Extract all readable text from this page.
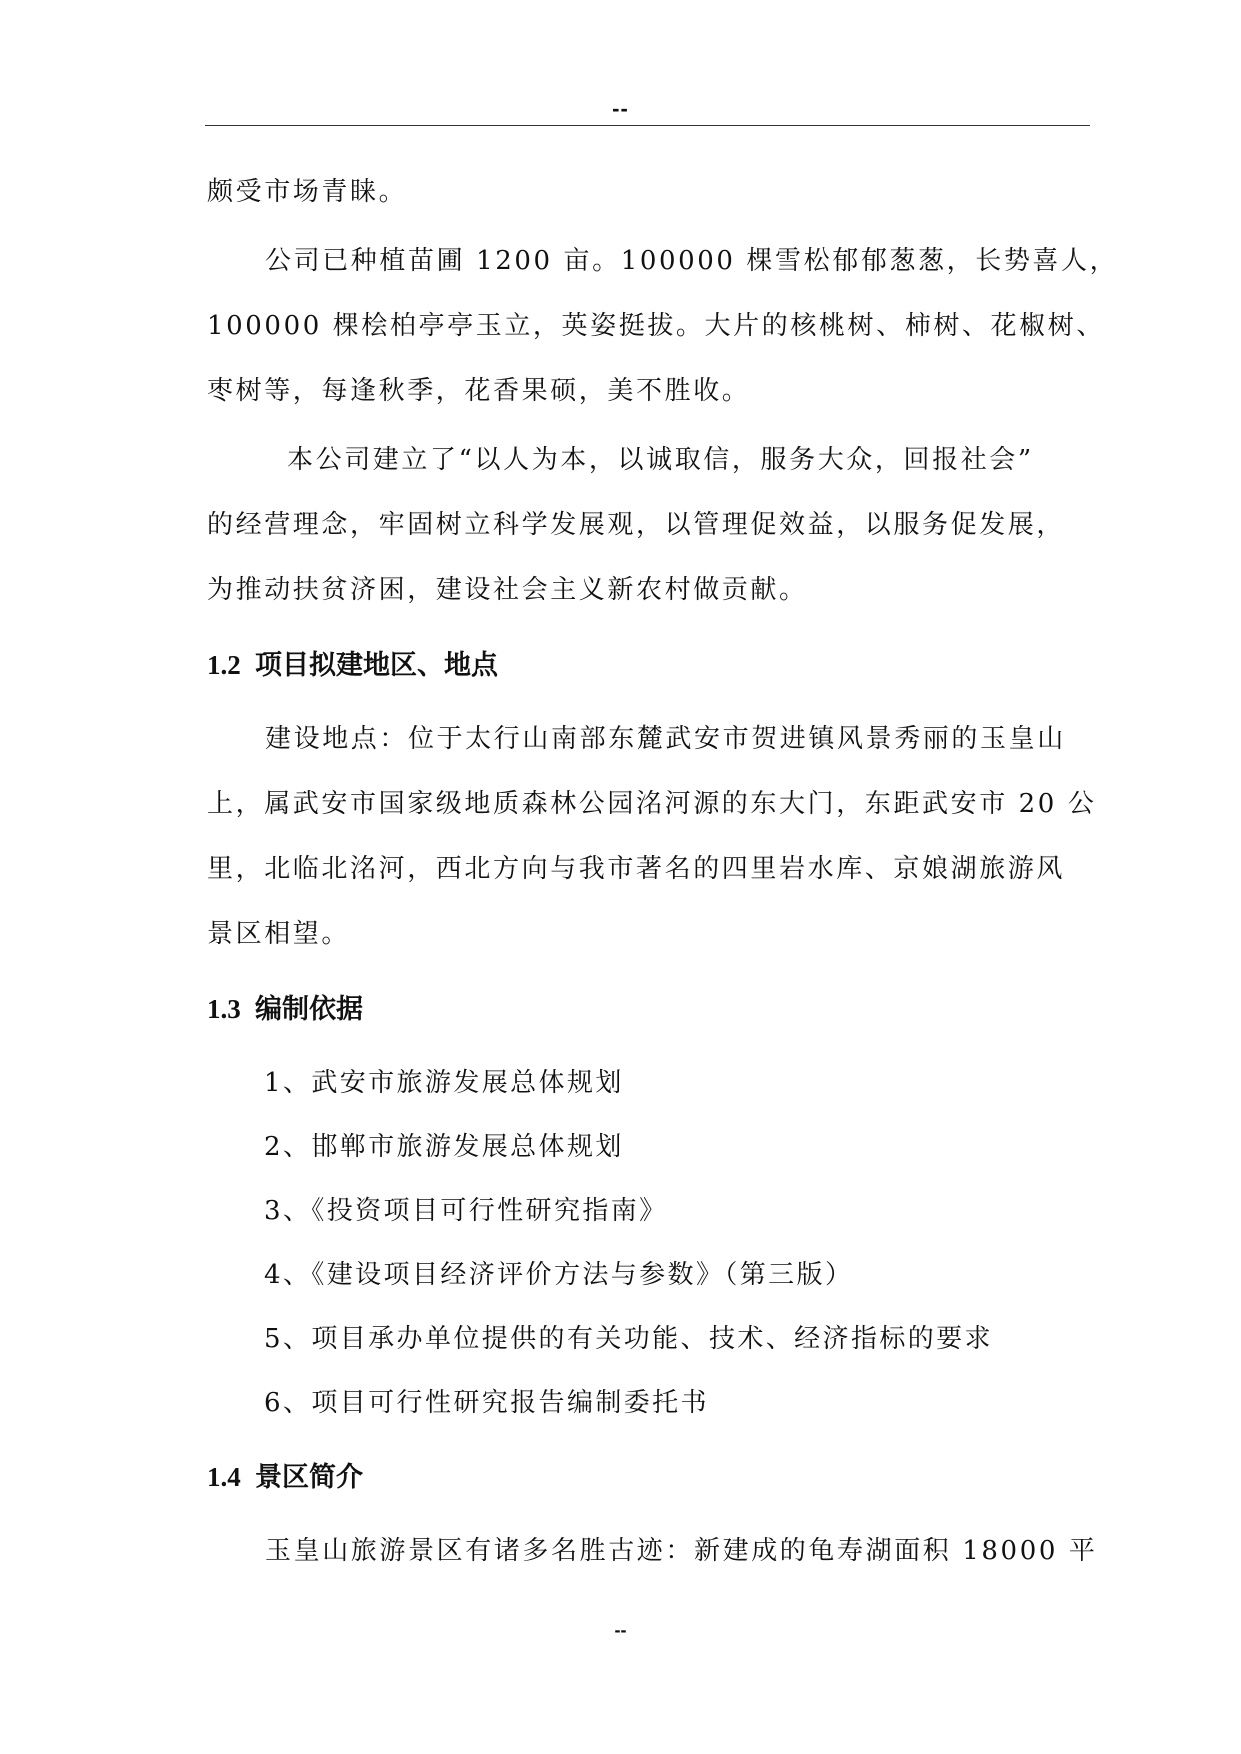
--

颇受市场青睐。

公司已种植苗圃 1200 亩。100000 棵雪松郁郁葱葱，长势喜人，

100000 棵桧柏亭亭玉立，英姿挺拔。大片的核桃树、柿树、花椒树、

枣树等，每逢秋季，花香果硕，美不胜收。

本公司建立了“以人为本，以诚取信，服务大众，回报社会”

的经营理念，牢固树立科学发展观，以管理促效益，以服务促发展，

为推动扶贫济困，建设社会主义新农村做贡献。

1.2 项目拟建地区、地点

建设地点：位于太行山南部东麓武安市贺进镇风景秀丽的玉皇山

上，属武安市国家级地质森林公园洺河源的东大门，东距武安市 20 公

里，北临北洺河，西北方向与我市著名的四里岩水库、京娘湖旅游风

景区相望。

1.3 编制依据

1、武安市旅游发展总体规划

2、邯郸市旅游发展总体规划

3、《投资项目可行性研究指南》

4、《建设项目经济评价方法与参数》（第三版）

5、项目承办单位提供的有关功能、技术、经济指标的要求

6、项目可行性研究报告编制委托书

1.4 景区简介

玉皇山旅游景区有诸多名胜古迹：新建成的龟寿湖面积 18000 平

--
